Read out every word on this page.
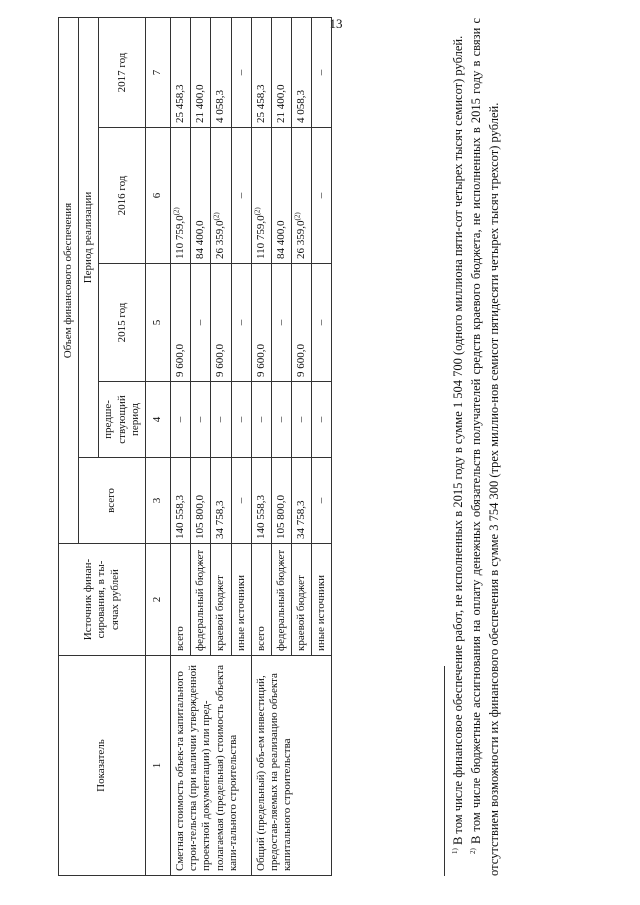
13
Показатель	Источник финан-сирования, в ты-сячах рублей	Объем финансового обеспечения				
		всего	Период реализации			
			предше-ствующий период	2015 год	2016 год	2017 год
1	2	3	4	5	6	7
Сметная стоимость объек-та капитального строи-тельства (при наличии утвержденной проектной документации) или пред-полагаемая (предельная) стоимость объекта капи-тального строительства	всего	140 558,3	–	9 600,0	110 759,0$^{(2)}$	25 458,3
	федеральный бюджет	105 800,0	–	–	84 400,0	21 400,0
	краевой бюджет	34 758,3	–	9 600,0	26 359,0$^{(2)}$	4 058,3
	иные источники	–	–	–	–	–
Общий (предельный) объ-ем инвестиций, предостав-ляемых на реализацию объекта капитального строительства	всего	140 558,3	–	9 600,0	110 759,0$^{(2)}$	25 458,3
	федеральный бюджет	105 800,0	–	–	84 400,0	21 400,0
	краевой бюджет	34 758,3	–	9 600,0	26 359,0$^{(2)}$	4 058,3
	иные источники	–	–	–	–	–

$^{1)}$ В том числе финансовое обеспечение работ, не исполненных в 2015 году в сумме 1 504 700 (одного миллиона пяти-сот четырех тысяч семисот) рублей.

$^{2)}$ В том числе бюджетные ассигнования на оплату денежных обязательств получателей средств краевого бюджета, не исполненных в 2015 году в связи с отсутствием возможности их финансового обеспечения в сумме 3 754 300 (трех миллио-нов семисот пятидесяти четырех тысяч трехсот) рублей.
